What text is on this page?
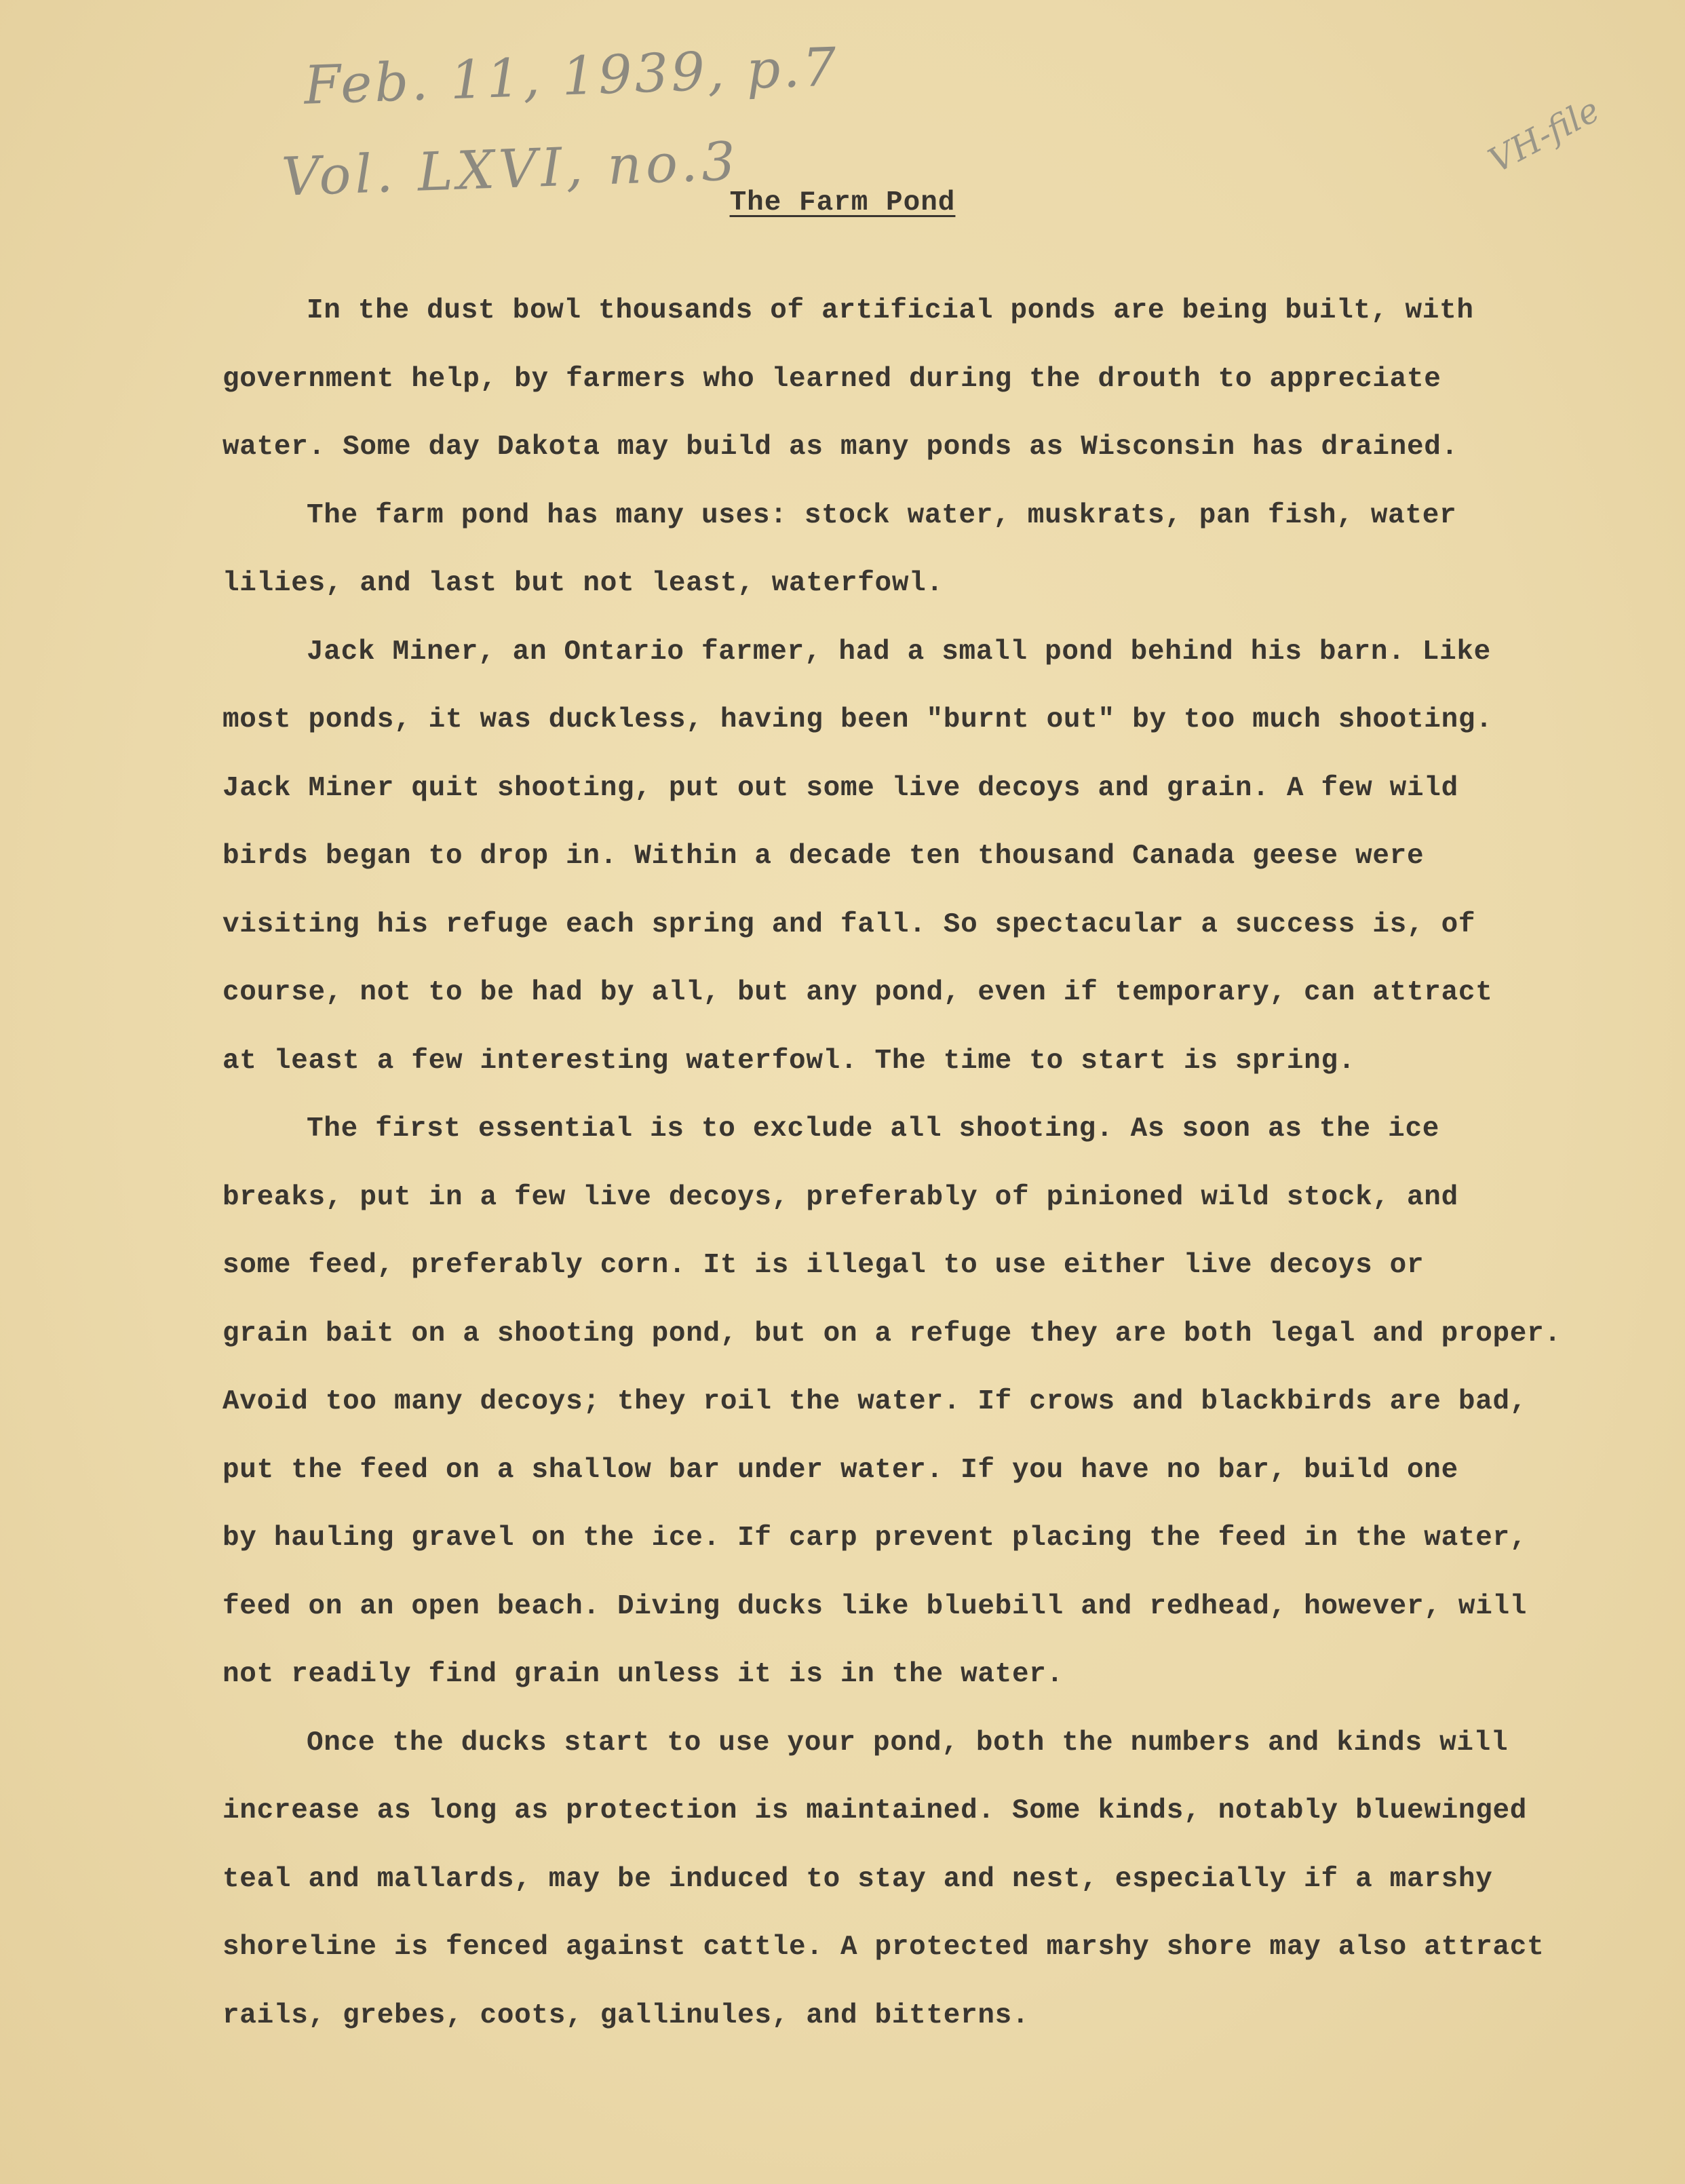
Feb. 11, 1939, p.7
Vol. LXVI, no.3	VH-file
The Farm Pond
In the dust bowl thousands of artificial ponds are being built, with
government help, by farmers who learned during the drouth to appreciate
water. Some day Dakota may build as many ponds as Wisconsin has drained.
The farm pond has many uses: stock water, muskrats, pan fish, water
lilies, and last but not least, waterfowl.
Jack Miner, an Ontario farmer, had a small pond behind his barn. Like
most ponds, it was duckless, having been "burnt out" by too much shooting.
Jack Miner quit shooting, put out some live decoys and grain. A few wild
birds began to drop in. Within a decade ten thousand Canada geese were
visiting his refuge each spring and fall. So spectacular a success is, of
course, not to be had by all, but any pond, even if temporary, can attract
at least a few interesting waterfowl. The time to start is spring.
The first essential is to exclude all shooting. As soon as the ice
breaks, put in a few live decoys, preferably of pinioned wild stock, and
some feed, preferably corn. It is illegal to use either live decoys or
grain bait on a shooting pond, but on a refuge they are both legal and proper.
Avoid too many decoys; they roil the water. If crows and blackbirds are bad,
put the feed on a shallow bar under water. If you have no bar, build one
by hauling gravel on the ice. If carp prevent placing the feed in the water,
feed on an open beach. Diving ducks like bluebill and redhead, however, will
not readily find grain unless it is in the water.
Once the ducks start to use your pond, both the numbers and kinds will
increase as long as protection is maintained. Some kinds, notably bluewinged
teal and mallards, may be induced to stay and nest, especially if a marshy
shoreline is fenced against cattle. A protected marshy shore may also attract
rails, grebes, coots, gallinules, and bitterns.
